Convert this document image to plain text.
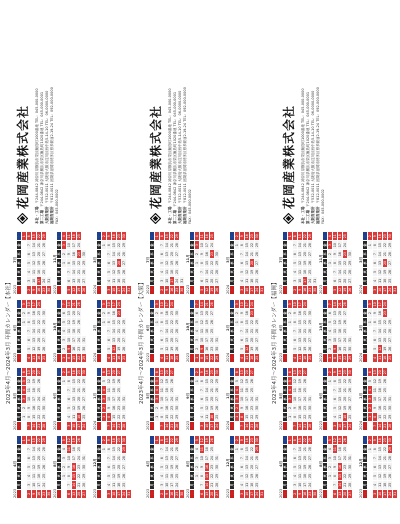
2023年4月〜2024年3月 年間カレンダー【本社】
2023
4月
日
月
火
水
木
金
土 1
2
3
4
5
6
7
8
9
10
11
12
13
14
15
16
17
18
19
20
21
22
23
24
25
26
27
28
29
30
2023
5月
日
月
火
水
木
金
土
1
2
3
4
5
6
7
8
9
10
11
12
13
14
15
16
17
18
19
20
21
22
23
24
25
26
27
28
29
30
31
2023
6月
日
月
火
水
木
金
土
1
2
3
4
5
6
7
8
9
10
11
12
13
14
15
16
17
18
19
20
21
22
23
24
25
26
27
28
29
30
2023
7月
日
月
火
水
木
金
土 1
2
3
4
5
6
7
8
9
10
11
12
13
14
15
16
17
18
19
20
21
22
23
24
25
26
27
28
29
30
31
2023
8月
日
月
火
水
木
金
土
1
2
3
4
5
6
7
8
9
10
11
12
13
14
15
16
17
18
19
20
21
22
23
24
25
26
27
28
29
30
31
2023
9月
日
月
火
水
木
金
土
1
2
3
4
5
6
7
8
9
10
11
12
13
14
15
16
17
18
19
20
21
22
23
24
25
26
27
28
29
30
2023
10月
日
月
火
水
木
金
土
1
2
3
4
5
6
7
8
9
10
11
12
13
14
15
16
17
18
19
20
21
22
23
24
25
26
27
28
29
30
31
2023
11月
日
月
火
水
木
金
土
1
2
3
4
5
6
7
8
9
10
11
12
13
14
15
16
17
18
19
20
21
22
23
24
25
26
27
28
29
30
2023
12月
日
月
火
水
木
金
土
1
2
3
4
5
6
7
8
9
10
11
12
13
14
15
16
17
18
19
20
21
22
23
24
25
26
27
28
29
30
31
2024
1月
日
月
火
水
木
金
土
1
2
3
4
5
6
7
8
9
10
11
12
13
14
15
16
17
18
19
20
21
22
23
24
25
26
27
28
29
30
31
2024
2月
日
月
火
水
木
金
土
1
2
3
4
5
6
7
8
9
10
11
12
13
14
15
16
17
18
19
20
21
22
23
24
25
26
27
28
29
2024
3月
日
月
火
水
木
金
土
1
2
3
4
5
6
7
8
9
10
11
12
13
14
15
16
17
18
19
20
21
22
23
24
25
26
27
28
29
30
31
花岡産業株式会社
本社・工場〒244-0842 神奈川県横浜市栄区飯島町1000番地 TEL：045-000-0000
第二工場〒244-0842 神奈川県横浜市栄区飯島町1020番地 TEL：045-000-0001
大阪営業所〒532-0011 大阪府大阪市淀川区西中島5-14-10 TEL：06-0000-0000
福岡営業所〒812-0011 福岡県福岡市博多区博多駅前2-19-24 TEL：092-000-0000
FAX：045-000-0002
2023年4月〜2024年3月 年間カレンダー【大阪】
2023
4月
日
月
火
水
木
金
土 1
2
3
4
5
6
7
8
9
10
11
12
13
14
15
16
17
18
19
20
21
22
23
24
25
26
27
28
29
30
2023
5月
日
月
火
水
木
金
土
1
2
3
4
5
6
7
8
9
10
11
12
13
14
15
16
17
18
19
20
21
22
23
24
25
26
27
28
29
30
31
2023
6月
日
月
火
水
木
金
土
1
2
3
4
5
6
7
8
9
10
11
12
13
14
15
16
17
18
19
20
21
22
23
24
25
26
27
28
29
30
2023
7月
日
月
火
水
木
金
土 1
2
3
4
5
6
7
8
9
10
11
12
13
14
15
16
17
18
19
20
21
22
23
24
25
26
27
28
29
30
31
2023
8月
日
月
火
水
木
金
土
1
2
3
4
5
6
7
8
9
10
11
12
13
14
15
16
17
18
19
20
21
22
23
24
25
26
27
28
29
30
31
2023
9月
日
月
火
水
木
金
土
1
2
3
4
5
6
7
8
9
10
11
12
13
14
15
16
17
18
19
20
21
22
23
24
25
26
27
28
29
30
2023
10月
日
月
火
水
木
金
土
1
2
3
4
5
6
7
8
9
10
11
12
13
14
15
16
17
18
19
20
21
22
23
24
25
26
27
28
29
30
31
2023
11月
日
月
火
水
木
金
土
1
2
3
4
5
6
7
8
9
10
11
12
13
14
15
16
17
18
19
20
21
22
23
24
25
26
27
28
29
30
2023
12月
日
月
火
水
木
金
土
1
2
3
4
5
6
7
8
9
10
11
12
13
14
15
16
17
18
19
20
21
22
23
24
25
26
27
28
29
30
31
2024
1月
日
月
火
水
木
金
土
1
2
3
4
5
6
7
8
9
10
11
12
13
14
15
16
17
18
19
20
21
22
23
24
25
26
27
28
29
30
31
2024
2月
日
月
火
水
木
金
土
1
2
3
4
5
6
7
8
9
10
11
12
13
14
15
16
17
18
19
20
21
22
23
24
25
26
27
28
29
2024
3月
日
月
火
水
木
金
土
1
2
3
4
5
6
7
8
9
10
11
12
13
14
15
16
17
18
19
20
21
22
23
24
25
26
27
28
29
30
31
花岡産業株式会社
本社・工場〒244-0842 神奈川県横浜市栄区飯島町1000番地 TEL：045-000-0000
第二工場〒244-0842 神奈川県横浜市栄区飯島町1020番地 TEL：045-000-0001
大阪営業所〒532-0011 大阪府大阪市淀川区西中島5-14-10 TEL：06-0000-0000
福岡営業所〒812-0011 福岡県福岡市博多区博多駅前2-19-24 TEL：092-000-0000
FAX：045-000-0002
2023年4月〜2024年3月 年間カレンダー【福岡】
2023
4月
日
月
火
水
木
金
土 1
2
3
4
5
6
7
8
9
10
11
12
13
14
15
16
17
18
19
20
21
22
23
24
25
26
27
28
29
30
2023
5月
日
月
火
水
木
金
土
1
2
3
4
5
6
7
8
9
10
11
12
13
14
15
16
17
18
19
20
21
22
23
24
25
26
27
28
29
30
31
2023
6月
日
月
火
水
木
金
土
1
2
3
4
5
6
7
8
9
10
11
12
13
14
15
16
17
18
19
20
21
22
23
24
25
26
27
28
29
30
2023
7月
日
月
火
水
木
金
土 1
2
3
4
5
6
7
8
9
10
11
12
13
14
15
16
17
18
19
20
21
22
23
24
25
26
27
28
29
30
31
2023
8月
日
月
火
水
木
金
土
1
2
3
4
5
6
7
8
9
10
11
12
13
14
15
16
17
18
19
20
21
22
23
24
25
26
27
28
29
30
31
2023
9月
日
月
火
水
木
金
土
1
2
3
4
5
6
7
8
9
10
11
12
13
14
15
16
17
18
19
20
21
22
23
24
25
26
27
28
29
30
2023
10月
日
月
火
水
木
金
土
1
2
3
4
5
6
7
8
9
10
11
12
13
14
15
16
17
18
19
20
21
22
23
24
25
26
27
28
29
30
31
2023
11月
日
月
火
水
木
金
土
1
2
3
4
5
6
7
8
9
10
11
12
13
14
15
16
17
18
19
20
21
22
23
24
25
26
27
28
29
30
2023
12月
日
月
火
水
木
金
土
1
2
3
4
5
6
7
8
9
10
11
12
13
14
15
16
17
18
19
20
21
22
23
24
25
26
27
28
29
30
31
2024
1月
日
月
火
水
木
金
土
1
2
3
4
5
6
7
8
9
10
11
12
13
14
15
16
17
18
19
20
21
22
23
24
25
26
27
28
29
30
31
2024
2月
日
月
火
水
木
金
土
1
2
3
4
5
6
7
8
9
10
11
12
13
14
15
16
17
18
19
20
21
22
23
24
25
26
27
28
29
2024
3月
日
月
火
水
木
金
土
1
2
3
4
5
6
7
8
9
10
11
12
13
14
15
16
17
18
19
20
21
22
23
24
25
26
27
28
29
30
31
花岡産業株式会社
本社・工場〒244-0842 神奈川県横浜市栄区飯島町1000番地 TEL：045-000-0000
第二工場〒244-0842 神奈川県横浜市栄区飯島町1020番地 TEL：045-000-0001
大阪営業所〒532-0011 大阪府大阪市淀川区西中島5-14-10 TEL：06-0000-0000
福岡営業所〒812-0011 福岡県福岡市博多区博多駅前2-19-24 TEL：092-000-0000
FAX：045-000-0002
